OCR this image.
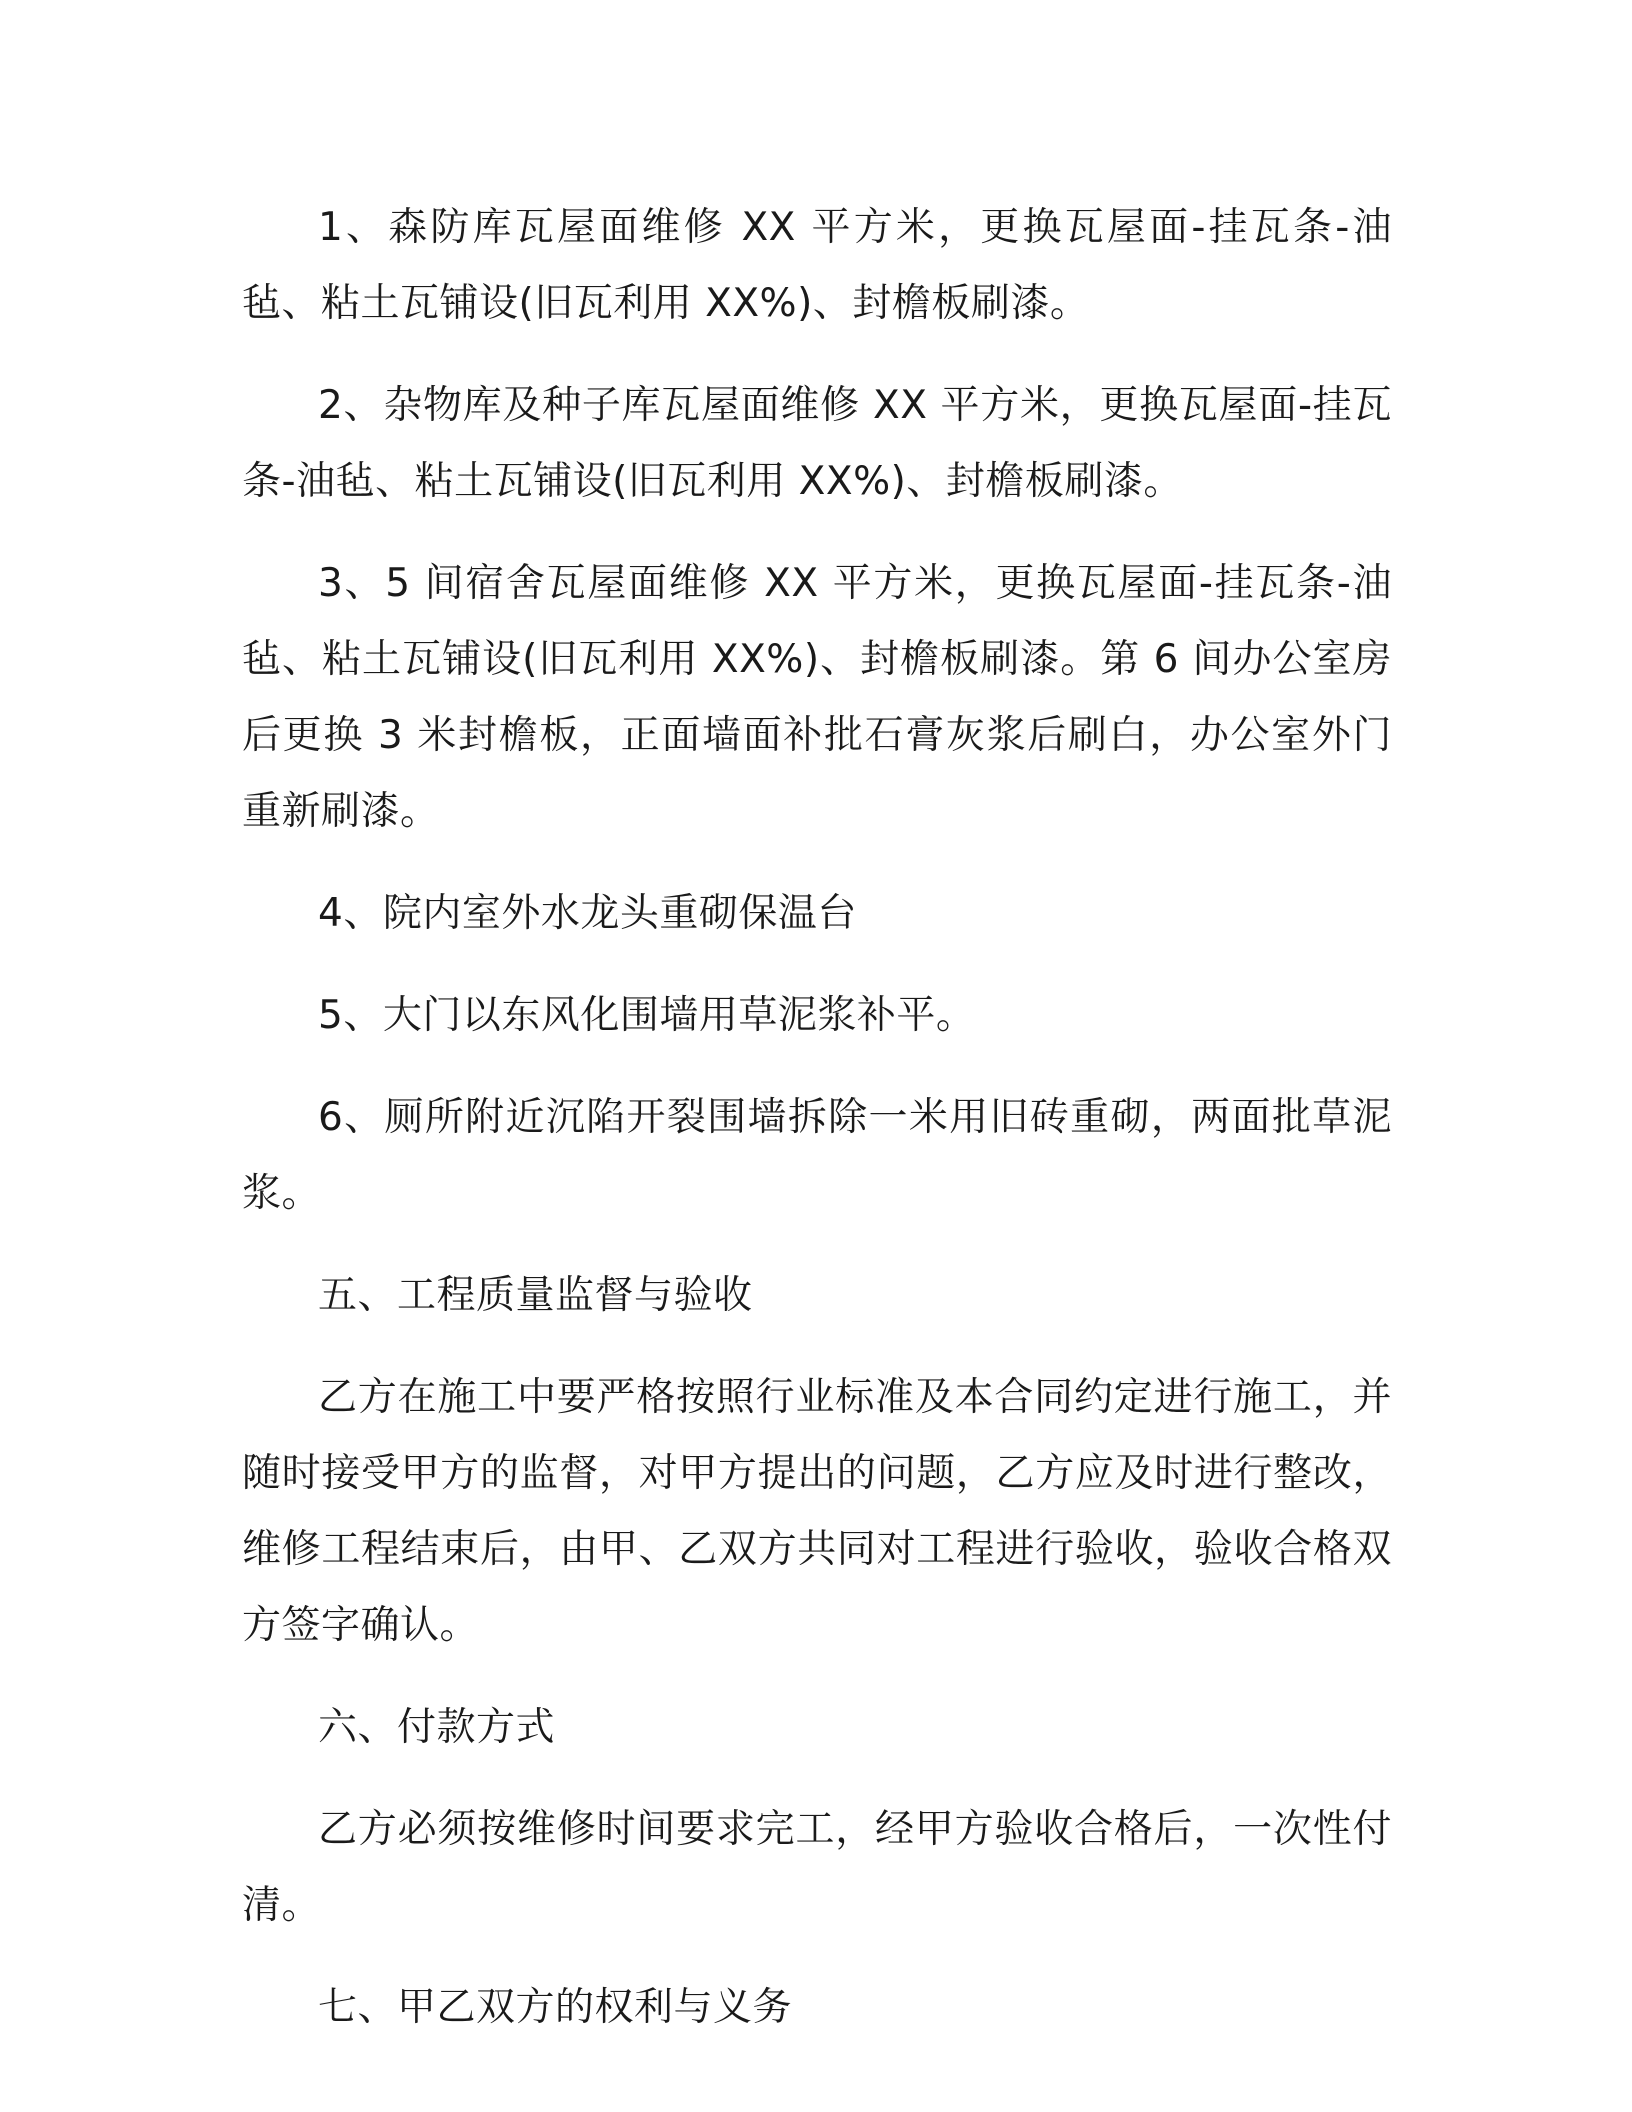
1、森防库瓦屋面维修 XX 平方米，更换瓦屋面-挂瓦条-油毡、粘土瓦铺设(旧瓦利用 XX%)、封檐板刷漆。

2、杂物库及种子库瓦屋面维修 XX 平方米，更换瓦屋面-挂瓦条-油毡、粘土瓦铺设(旧瓦利用 XX%)、封檐板刷漆。

3、5 间宿舍瓦屋面维修 XX 平方米，更换瓦屋面-挂瓦条-油毡、粘土瓦铺设(旧瓦利用 XX%)、封檐板刷漆。第 6 间办公室房后更换 3 米封檐板，正面墙面补批石膏灰浆后刷白，办公室外门重新刷漆。

4、院内室外水龙头重砌保温台

5、大门以东风化围墙用草泥浆补平。

6、厕所附近沉陷开裂围墙拆除一米用旧砖重砌，两面批草泥浆。

五、工程质量监督与验收

乙方在施工中要严格按照行业标准及本合同约定进行施工，并随时接受甲方的监督，对甲方提出的问题，乙方应及时进行整改，维修工程结束后，由甲、乙双方共同对工程进行验收，验收合格双方签字确认。

六、付款方式

乙方必须按维修时间要求完工，经甲方验收合格后，一次性付清。

七、甲乙双方的权利与义务
